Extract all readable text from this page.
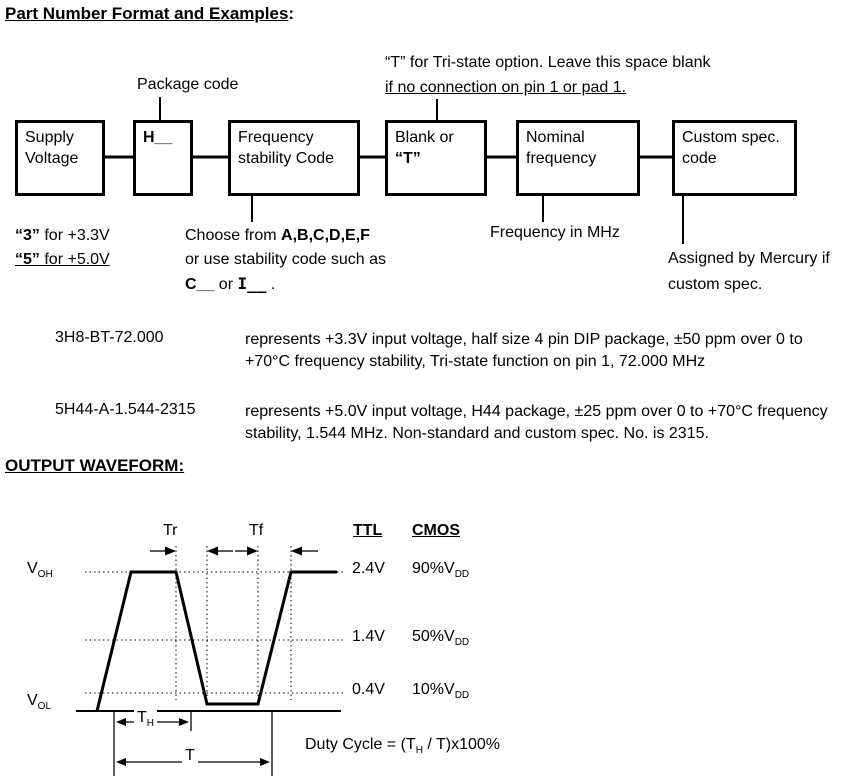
Part Number Format and Examples:
“T” for Tri-state option. Leave this space blank
if no connection on pin 1 or pad 1.
Package code
Supply Voltage
H__	Frequency stability Code
Blank or “T”
Nominal frequency
Custom spec. code
“3” for +3.3V
“5” for +5.0V
Choose from A,B,C,D,E,F
or use stability code such as
C__ or I__ .
Frequency in MHz
Assigned by Mercury if
custom spec.
3H8-BT-72.000	represents +3.3V input voltage, half size 4 pin DIP package, ±50 ppm over 0 to +70°C frequency stability, Tri-state function on pin 1, 72.000 MHz
5H44-A-1.544-2315	represents +5.0V input voltage, H44 package, ±25 ppm over 0 to +70°C frequency stability, 1.544 MHz. Non-standard and custom spec. No. is 2315.
OUTPUT WAVEFORM:
Tr	Tf	TTL CMOS
$V_{OH}$
$V_{OL}$
2.4V $90\%V_{DD}$
1.4V $50\%V_{DD}$
0.4V $10\%V_{DD}$
$T_H$
T
Duty Cycle = $(T_H / T)x100\%$
